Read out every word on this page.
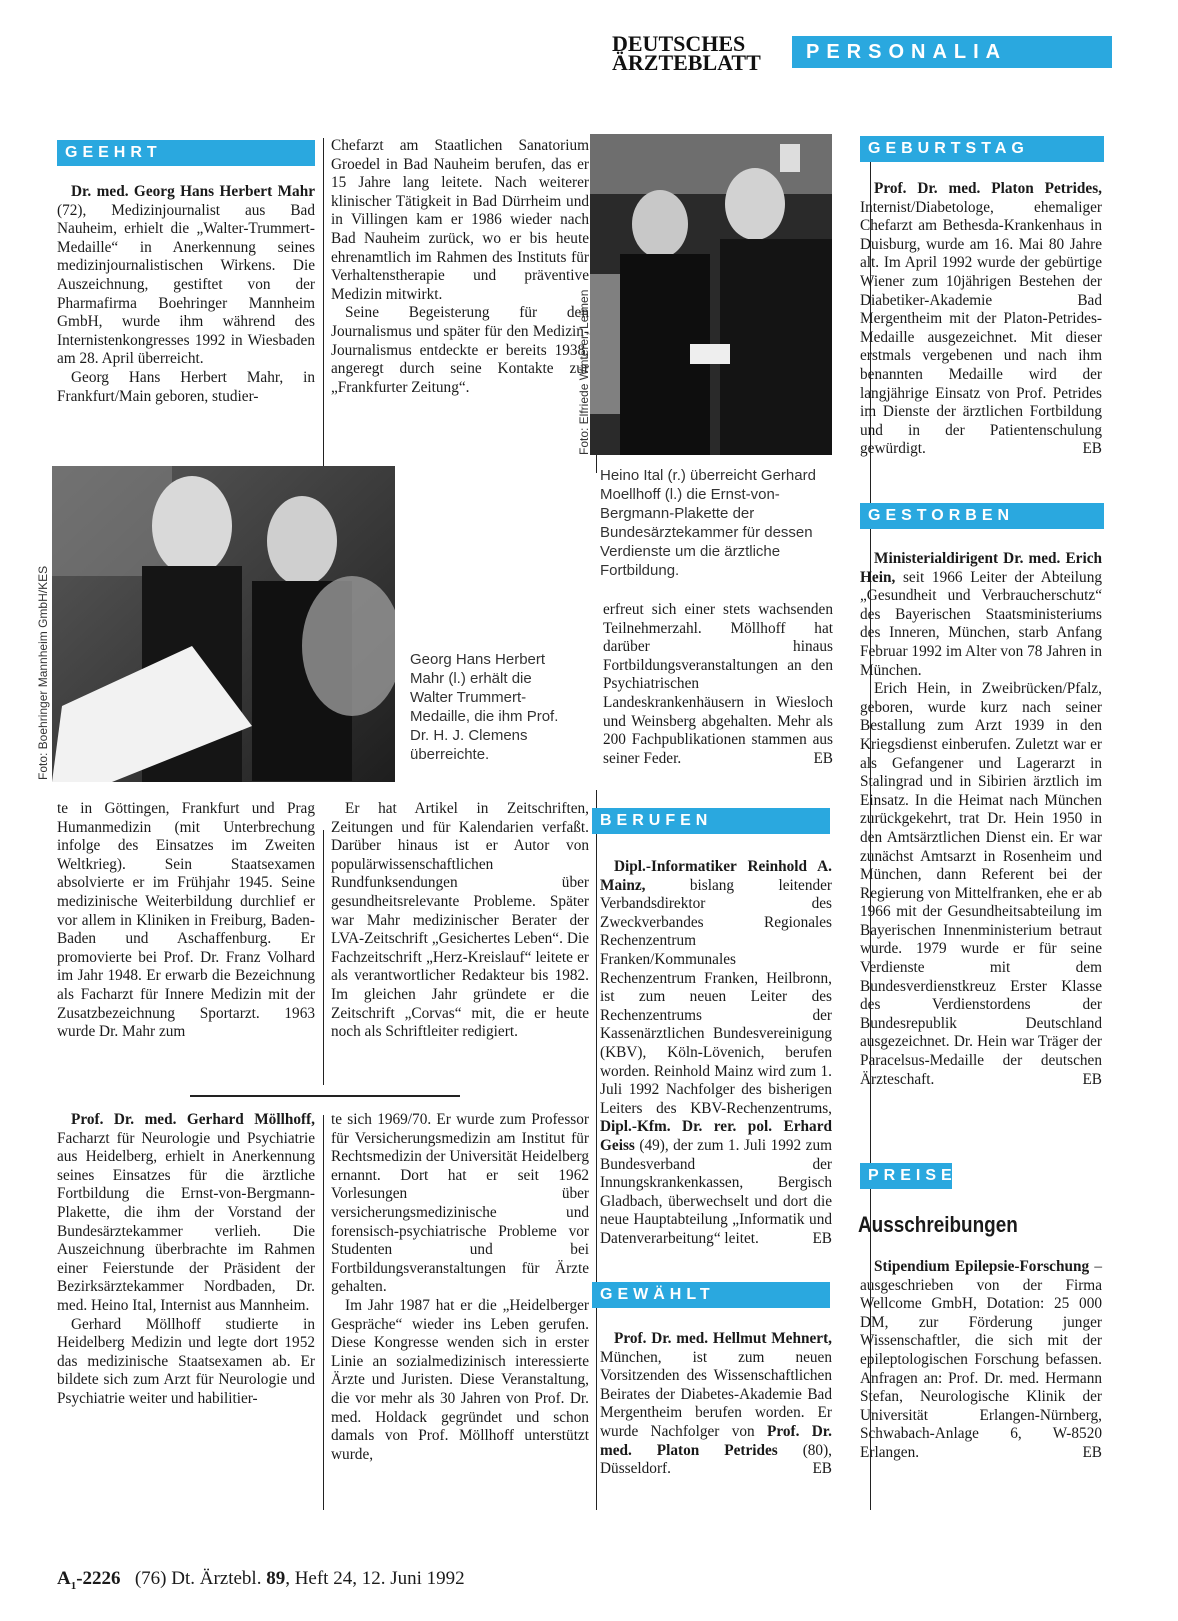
DEUTSCHES
ÄRZTEBLATT	PERSONALIA
GEEHRT

Dr. med. Georg Hans Herbert Mahr (72), Medizinjournalist aus Bad Nauheim, erhielt die „Walter-Trummert-Medaille“ in Anerkennung seines medizinjournalistischen Wirkens. Die Auszeichnung, gestiftet von der Pharmafirma Boehringer Mannheim GmbH, wurde ihm während des Internistenkongresses 1992 in Wiesbaden am 28. April überreicht.

Georg Hans Herbert Mahr, in Frankfurt/Main geboren, studier-

Chefarzt am Staatlichen Sanatorium Groedel in Bad Nauheim berufen, das er 15 Jahre lang leitete. Nach weiterer klinischer Tätigkeit in Bad Dürrheim und in Villingen kam er 1986 wieder nach Bad Nauheim zurück, wo er bis heute ehrenamtlich im Rahmen des Instituts für Verhaltenstherapie und präventive Medizin mitwirkt.

Seine Begeisterung für den Journalismus und später für den Medizin-Journalismus entdeckte er bereits 1938, angeregt durch seine Kontakte zur „Frankfurter Zeitung“.

Foto: Boehringer Mannheim GmbH/KES	Georg Hans Herbert Mahr (l.) erhält die Walter Trummert-Medaille, die ihm Prof. Dr. H. J. Clemens überreichte.
Foto: Elfriede Winterer, Leimen
Heino Ital (r.) überreicht Gerhard Moellhoff (l.) die Ernst-von-Bergmann-Plakette der Bundesärztekammer für dessen Verdienste um die ärztliche Fortbildung.

te in Göttingen, Frankfurt und Prag Humanmedizin (mit Unterbrechung infolge des Einsatzes im Zweiten Weltkrieg). Sein Staatsexamen absolvierte er im Frühjahr 1945. Seine medizinische Weiterbildung durchlief er vor allem in Kliniken in Freiburg, Baden-Baden und Aschaffenburg. Er promovierte bei Prof. Dr. Franz Volhard im Jahr 1948. Er erwarb die Bezeichnung als Facharzt für Innere Medizin mit der Zusatzbezeichnung Sportarzt. 1963 wurde Dr. Mahr zum

Er hat Artikel in Zeitschriften, Zeitungen und für Kalendarien verfaßt. Darüber hinaus ist er Autor von populärwissenschaftlichen Rundfunksendungen über gesundheitsrelevante Probleme. Später war Mahr medizinischer Berater der LVA-Zeitschrift „Gesichertes Leben“. Die Fachzeitschrift „Herz-Kreislauf“ leitete er als verantwortlicher Redakteur bis 1982. Im gleichen Jahr gründete er die Zeitschrift „Corvas“ mit, die er heute noch als Schriftleiter redigiert.

Prof. Dr. med. Gerhard Möllhoff, Facharzt für Neurologie und Psychiatrie aus Heidelberg, erhielt in Anerkennung seines Einsatzes für die ärztliche Fortbildung die Ernst-von-Bergmann-Plakette, die ihm der Vorstand der Bundesärztekammer verlieh. Die Auszeichnung überbrachte im Rahmen einer Feierstunde der Präsident der Bezirksärztekammer Nordbaden, Dr. med. Heino Ital, Internist aus Mannheim.

Gerhard Möllhoff studierte in Heidelberg Medizin und legte dort 1952 das medizinische Staatsexamen ab. Er bildete sich zum Arzt für Neurologie und Psychiatrie weiter und habilitier-

te sich 1969/70. Er wurde zum Professor für Versicherungsmedizin am Institut für Rechtsmedizin der Universität Heidelberg ernannt. Dort hat er seit 1962 Vorlesungen über versicherungsmedizinische und forensisch-psychiatrische Probleme vor Studenten und bei Fortbildungsveranstaltungen für Ärzte gehalten.

Im Jahr 1987 hat er die „Heidelberger Gespräche“ wieder ins Leben gerufen. Diese Kongresse wenden sich in erster Linie an sozialmedizinisch interessierte Ärzte und Juristen. Diese Veranstaltung, die vor mehr als 30 Jahren von Prof. Dr. med. Holdack gegründet und schon damals von Prof. Möllhoff unterstützt wurde,

erfreut sich einer stets wachsenden Teilnehmerzahl. Möllhoff hat darüber hinaus Fortbildungsveranstaltungen an den Psychiatrischen Landeskrankenhäusern in Wiesloch und Weinsberg abgehalten. Mehr als 200 Fachpublikationen stammen aus seiner Feder.	EB

BERUFEN

Dipl.-Informatiker Reinhold A. Mainz,	bislang leitender Verbandsdirektor des Zweckverbandes Regionales Rechenzentrum Franken/Kommunales Rechenzentrum Franken, Heilbronn, ist zum neuen Leiter des Rechenzentrums der Kassenärztlichen Bundesvereinigung (KBV), Köln-Lövenich, berufen worden. Reinhold Mainz wird zum 1. Juli 1992 Nachfolger des bisherigen Leiters des KBV-Rechenzentrums, Dipl.-Kfm. Dr. rer. pol. Erhard Geiss (49), der zum 1. Juli 1992 zum Bundesverband der Innungskrankenkassen, Bergisch Gladbach, überwechselt und dort die neue Hauptabteilung „Informatik und Datenverarbeitung“ leitet.	EB

GEWÄHLT

Prof. Dr. med. Hellmut Mehnert, München, ist zum neuen Vorsitzenden des Wissenschaftlichen Beirates der Diabetes-Akademie Bad Mergentheim berufen worden. Er wurde Nachfolger von Prof. Dr. med. Platon Petrides (80), Düsseldorf.	EB

GEBURTSTAG

Prof. Dr. med. Platon Petrides, Internist/Diabetologe, ehemaliger Chefarzt am Bethesda-Krankenhaus in Duisburg, wurde am 16. Mai 80 Jahre alt. Im April 1992 wurde der gebürtige Wiener zum 10jährigen Bestehen der Diabetiker-Akademie Bad Mergentheim mit der Platon-Petrides-Medaille ausgezeichnet. Mit dieser erstmals vergebenen und nach ihm benannten Medaille wird der langjährige Einsatz von Prof. Petrides im Dienste der ärztlichen Fortbildung und in der Patientenschulung gewürdigt.	EB

GESTORBEN

Ministerialdirigent Dr. med. Erich Hein, seit 1966 Leiter der Abteilung „Gesundheit und Verbraucherschutz“ des Bayerischen Staatsministeriums des Inneren, München, starb Anfang Februar 1992 im Alter von 78 Jahren in München.

Erich Hein, in Zweibrücken/Pfalz, geboren, wurde kurz nach seiner Bestallung zum Arzt 1939 in den Kriegsdienst einberufen. Zuletzt war er als Gefangener und Lagerarzt in Stalingrad und in Sibirien ärztlich im Einsatz. In die Heimat nach München zurückgekehrt, trat Dr. Hein 1950 in den Amtsärztlichen Dienst ein. Er war zunächst Amtsarzt in Rosenheim und München, dann Referent bei der Regierung von Mittelfranken, ehe er ab 1966 mit der Gesundheitsabteilung im Bayerischen Innenministerium betraut wurde. 1979 wurde er für seine Verdienste mit dem Bundesverdienstkreuz Erster Klasse des Verdienstordens der Bundesrepublik Deutschland ausgezeichnet. Dr. Hein war Träger der Paracelsus-Medaille der deutschen Ärzteschaft.	EB

PREISE
Ausschreibungen

Stipendium Epilepsie-Forschung – ausgeschrieben von der Firma Wellcome GmbH, Dotation: 25 000 DM, zur Förderung junger Wissenschaftler, die sich mit der epileptologischen Forschung befassen. Anfragen an: Prof. Dr. med. Hermann Stefan, Neurologische Klinik der Universität Erlangen-Nürnberg, Schwabach-Anlage 6, W-8520 Erlangen.	EB

$A_1-2226$ (76) Dt. Ärztebl. 89, Heft 24, 12. Juni 1992
